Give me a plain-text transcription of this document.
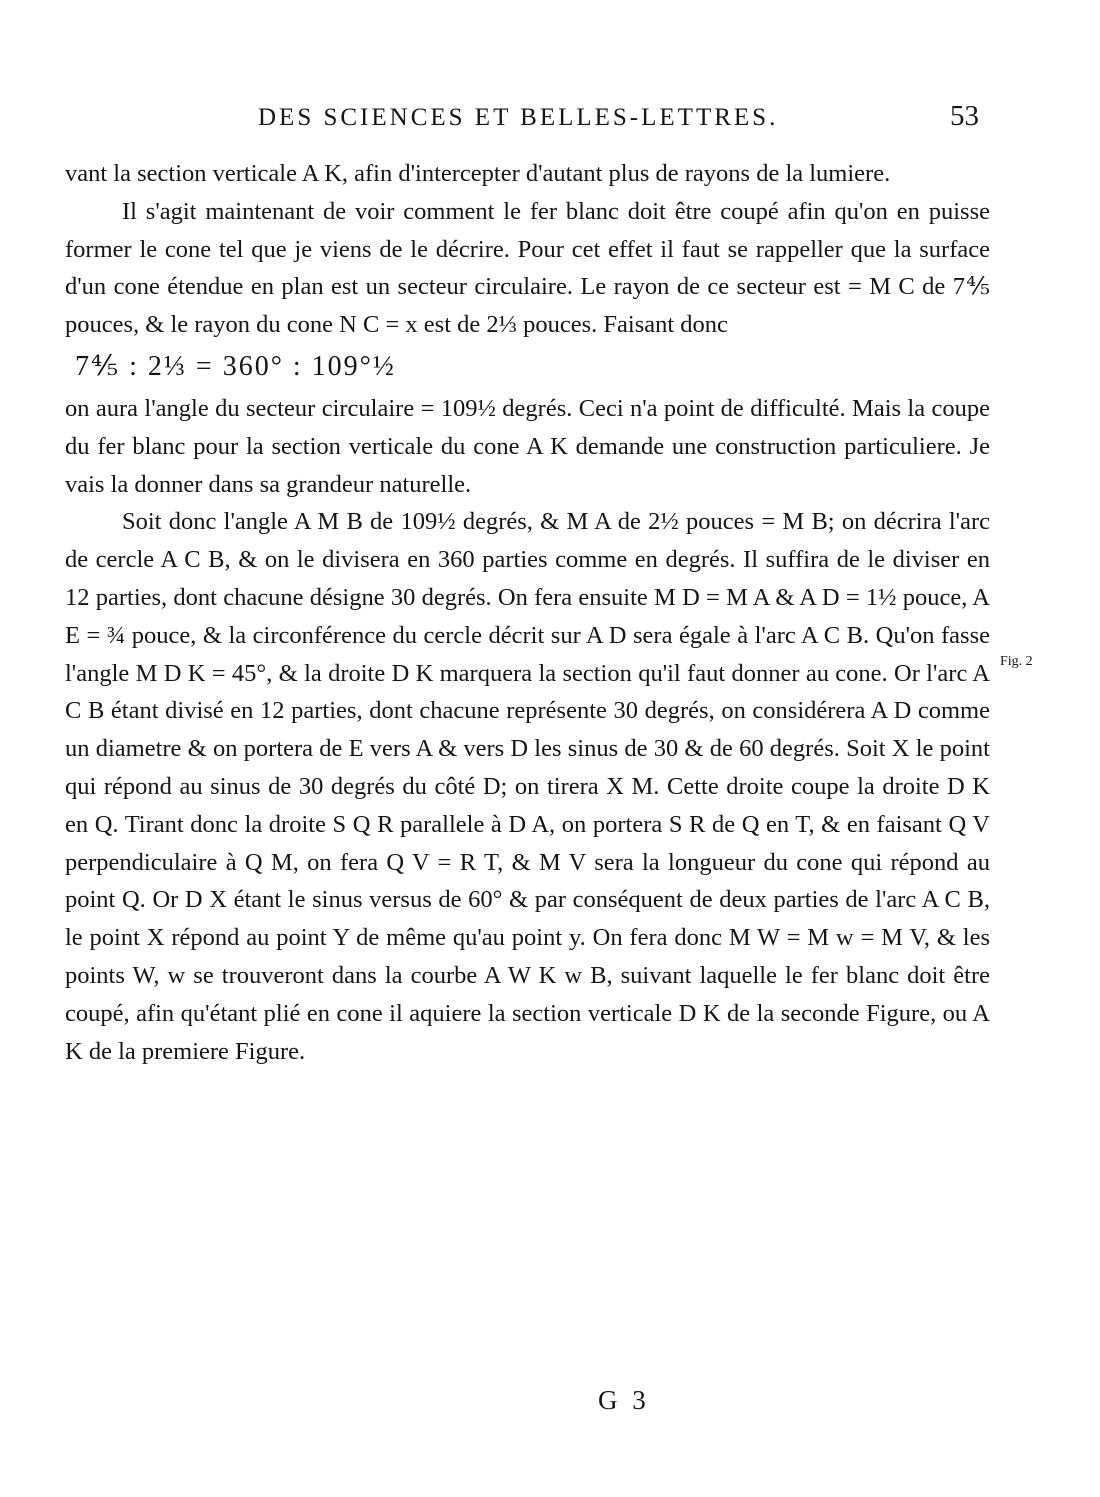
DES SCIENCES ET BELLES-LETTRES.	53

vant la section verticale A K, afin d'intercepter d'autant plus de rayons de la lumiere.

Il s'agit maintenant de voir comment le fer blanc doit être coupé afin qu'on en puisse former le cone tel que je viens de le décrire. Pour cet effet il faut se rappeller que la surface d'un cone étendue en plan est un secteur circulaire. Le rayon de ce secteur est = M C de 7⅘ pouces, & le rayon du cone N C = x est de 2⅓ pouces. Faisant donc

7⅘ : 2⅓ = 360° : 109°½

on aura l'angle du secteur circulaire = 109½ degrés. Ceci n'a point de difficulté. Mais la coupe du fer blanc pour la section verticale du cone A K demande une construction particuliere. Je vais la donner dans sa grandeur naturelle.

Soit donc l'angle A M B de 109½ degrés, & M A de 2½ pouces = M B; on décrira l'arc de cercle A C B, & on le divisera en 360 parties comme en degrés. Il suffira de le diviser en 12 parties, dont chacune désigne 30 degrés. On fera ensuite M D = M A & A D = 1½ pouce, A E = ¾ pouce, & la circonférence du cercle décrit sur A D sera égale à l'arc A C B. Qu'on fasse l'angle M D K = 45°, & la droite D K marquera la section qu'il faut donner au cone. Or l'arc A C B étant divisé en 12 parties, dont chacune représente 30 degrés, on considérera A D comme un diametre & on portera de E vers A & vers D les sinus de 30 & de 60 degrés. Soit X le point qui répond au sinus de 30 degrés du côté D; on tirera X M. Cette droite coupe la droite D K en Q. Tirant donc la droite S Q R parallele à D A, on portera S R de Q en T, & en faisant Q V perpendiculaire à Q M, on fera Q V = R T, & M V sera la longueur du cone qui répond au point Q. Or D X étant le sinus versus de 60° & par conséquent de deux parties de l'arc A C B, le point X répond au point Y de même qu'au point y. On fera donc M W = M w = M V, & les points W, w se trouveront dans la courbe A W K w B, suivant laquelle le fer blanc doit être coupé, afin qu'étant plié en cone il aquiere la section verticale D K de la seconde Figure, ou A K de la premiere Figure.

Fig. 2
G 3
